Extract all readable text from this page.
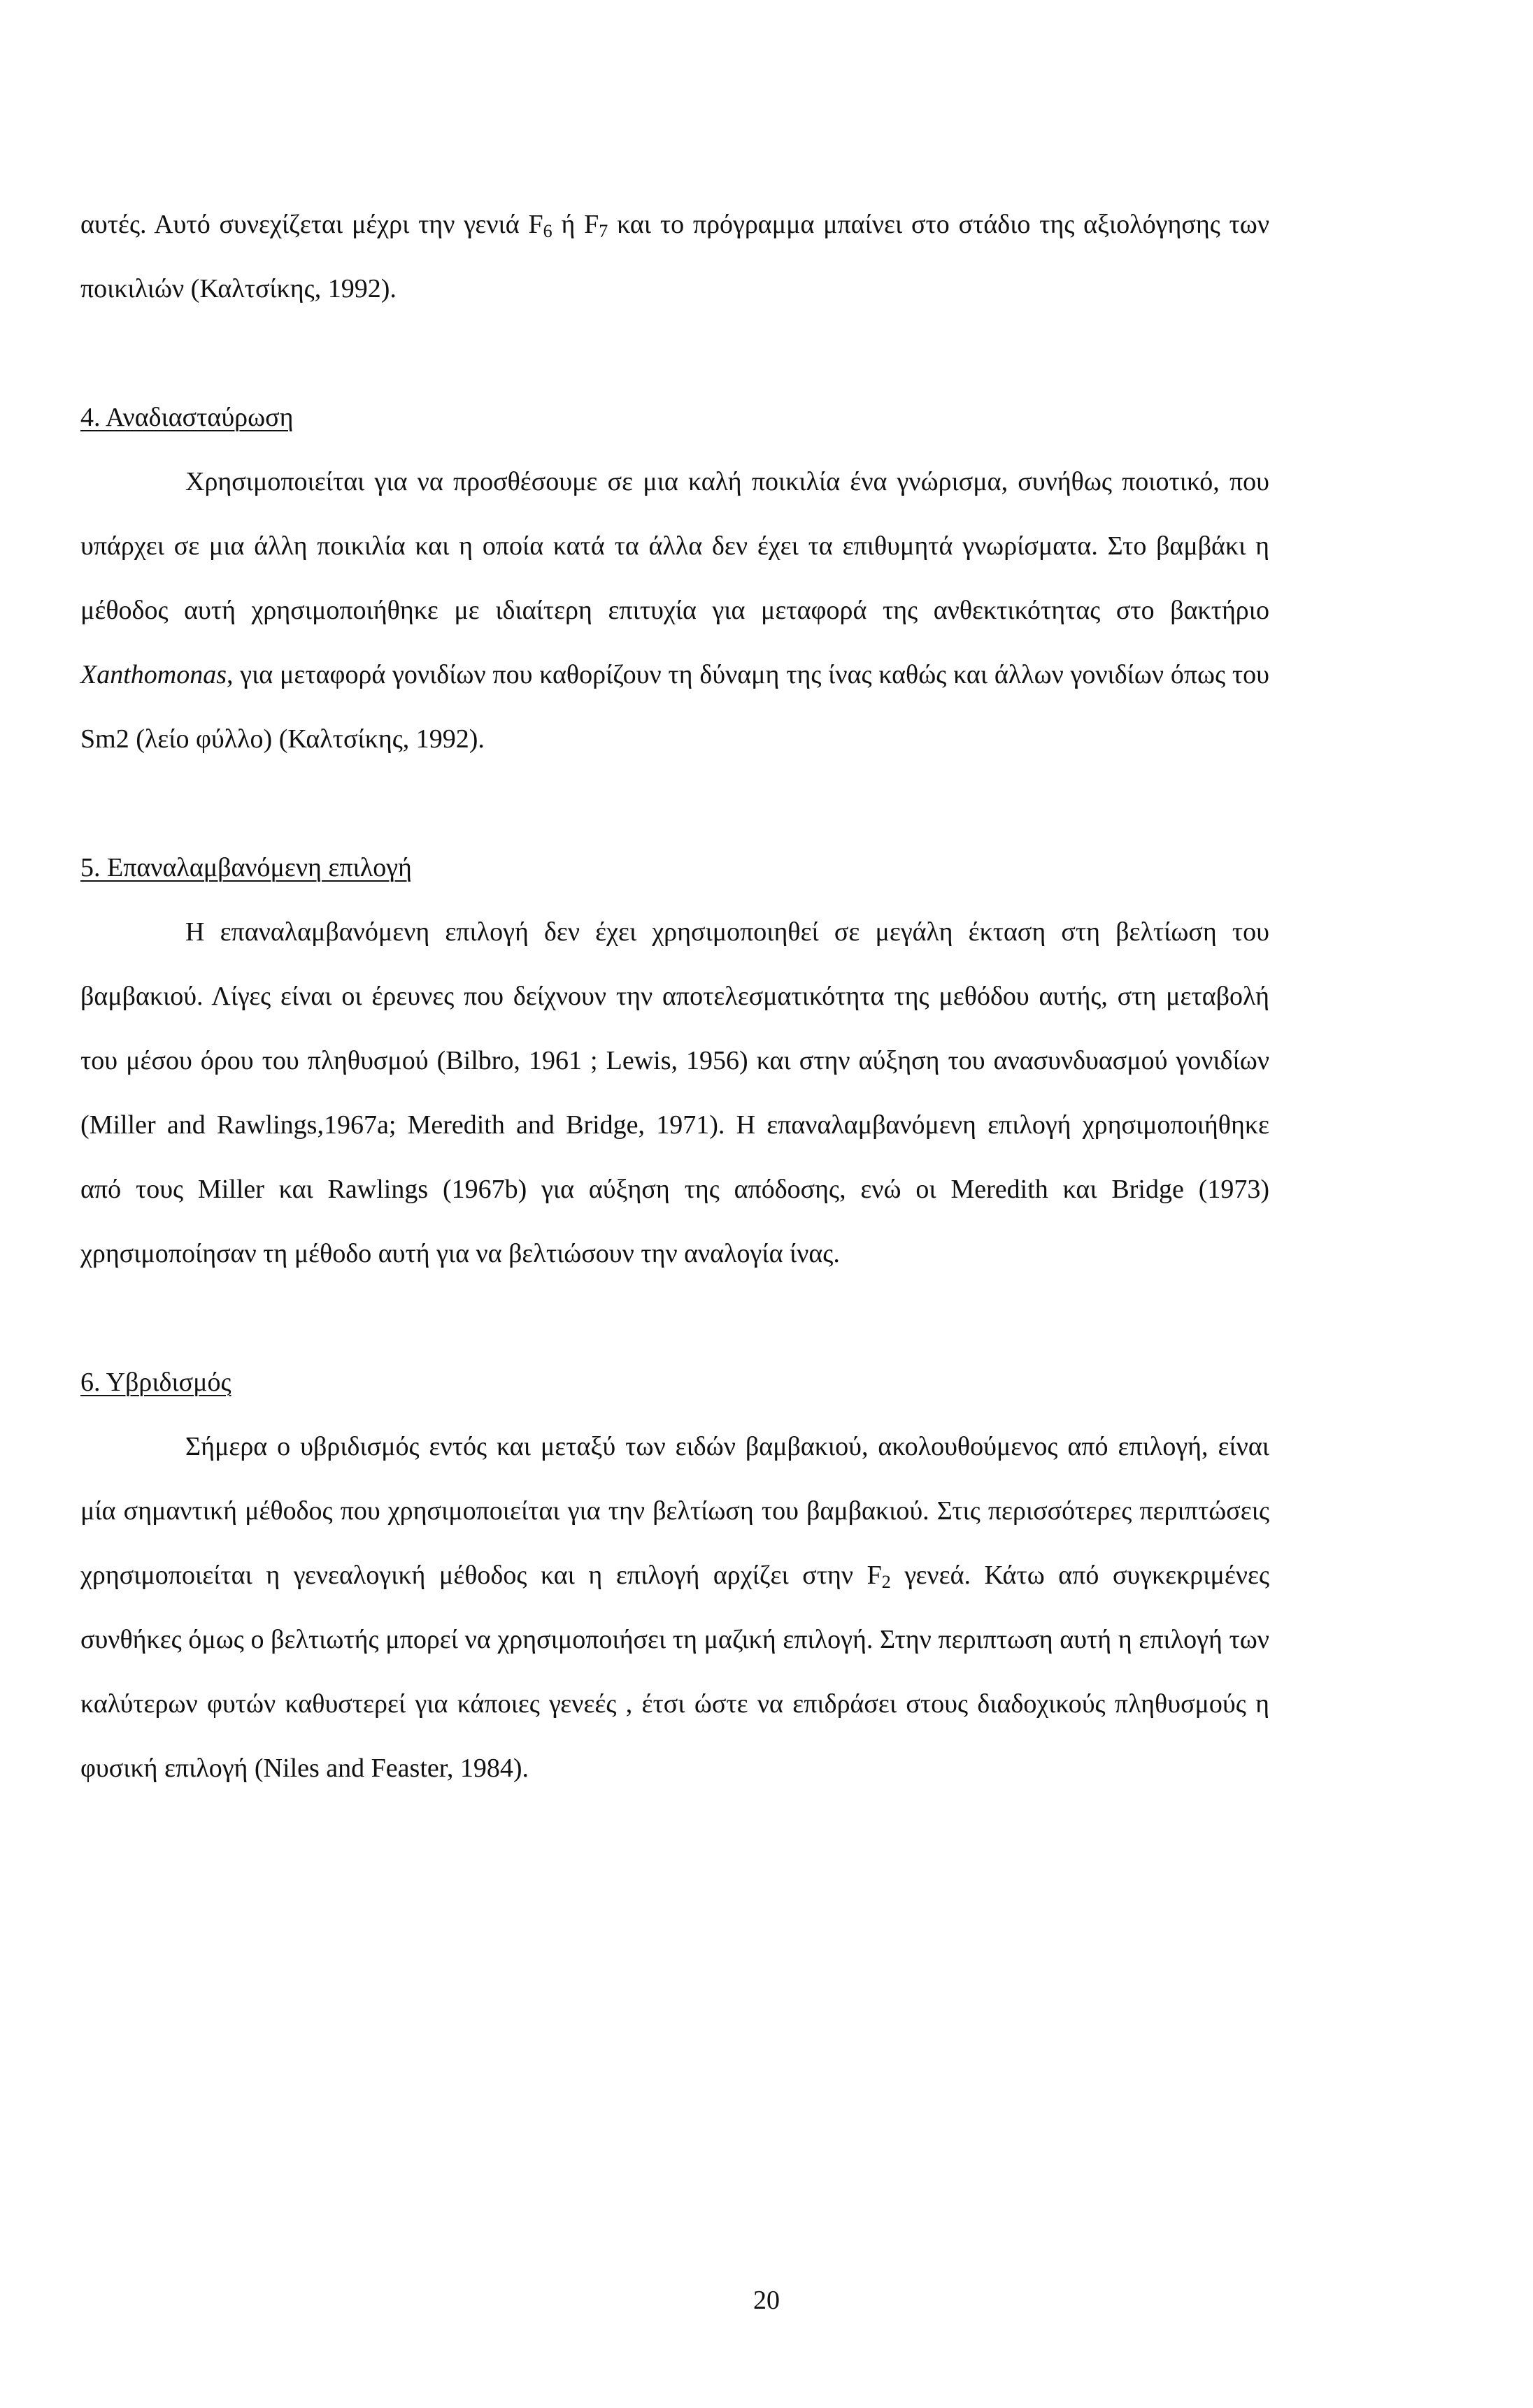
αυτές. Αυτό συνεχίζεται μέχρι την γενιά $F_6$ ή $F_7$ και το πρόγραμμα μπαίνει στο στάδιο της αξιολόγησης των ποικιλιών (Καλτσίκης, 1992).

4. Αναδιασταύρωση

Χρησιμοποιείται για να προσθέσουμε σε μια καλή ποικιλία ένα γνώρισμα, συνήθως ποιοτικό, που υπάρχει σε μια άλλη ποικιλία και η οποία κατά τα άλλα δεν έχει τα επιθυμητά γνωρίσματα. Στο βαμβάκι η μέθοδος αυτή χρησιμοποιήθηκε με ιδιαίτερη επιτυχία για μεταφορά της ανθεκτικότητας στο βακτήριο Xanthomonas, για μεταφορά γονιδίων που καθορίζουν τη δύναμη της ίνας καθώς και άλλων γονιδίων όπως του Sm2 (λείο φύλλο) (Καλτσίκης, 1992).

5. Επαναλαμβανόμενη επιλογή

Η επαναλαμβανόμενη επιλογή δεν έχει χρησιμοποιηθεί σε μεγάλη έκταση στη βελτίωση του βαμβακιού. Λίγες είναι οι έρευνες που δείχνουν την αποτελεσματικότητα της μεθόδου αυτής, στη μεταβολή του μέσου όρου του πληθυσμού (Bilbro, 1961 ; Lewis, 1956) και στην αύξηση του ανασυνδυασμού γονιδίων (Miller and Rawlings,1967a; Meredith and Bridge, 1971). Η επαναλαμβανόμενη επιλογή χρησιμοποιήθηκε από τους Miller και Rawlings (1967b) για αύξηση της απόδοσης, ενώ οι Meredith και Bridge (1973) χρησιμοποίησαν τη μέθοδο αυτή για να βελτιώσουν την αναλογία ίνας.

6. Υβριδισμός

Σήμερα ο υβριδισμός εντός και μεταξύ των ειδών βαμβακιού, ακολουθούμενος από επιλογή, είναι μία σημαντική μέθοδος που χρησιμοποιείται για την βελτίωση του βαμβακιού. Στις περισσότερες περιπτώσεις χρησιμοποιείται η γενεαλογική μέθοδος και η επιλογή αρχίζει στην $F_2$ γενεά. Κάτω από συγκεκριμένες συνθήκες όμως ο βελτιωτής μπορεί να χρησιμοποιήσει τη μαζική επιλογή. Στην περιπτωση αυτή η επιλογή των καλύτερων φυτών καθυστερεί για κάποιες γενεές , έτσι ώστε να επιδράσει στους διαδοχικούς πληθυσμούς η φυσική επιλογή (Niles and Feaster, 1984).

20
